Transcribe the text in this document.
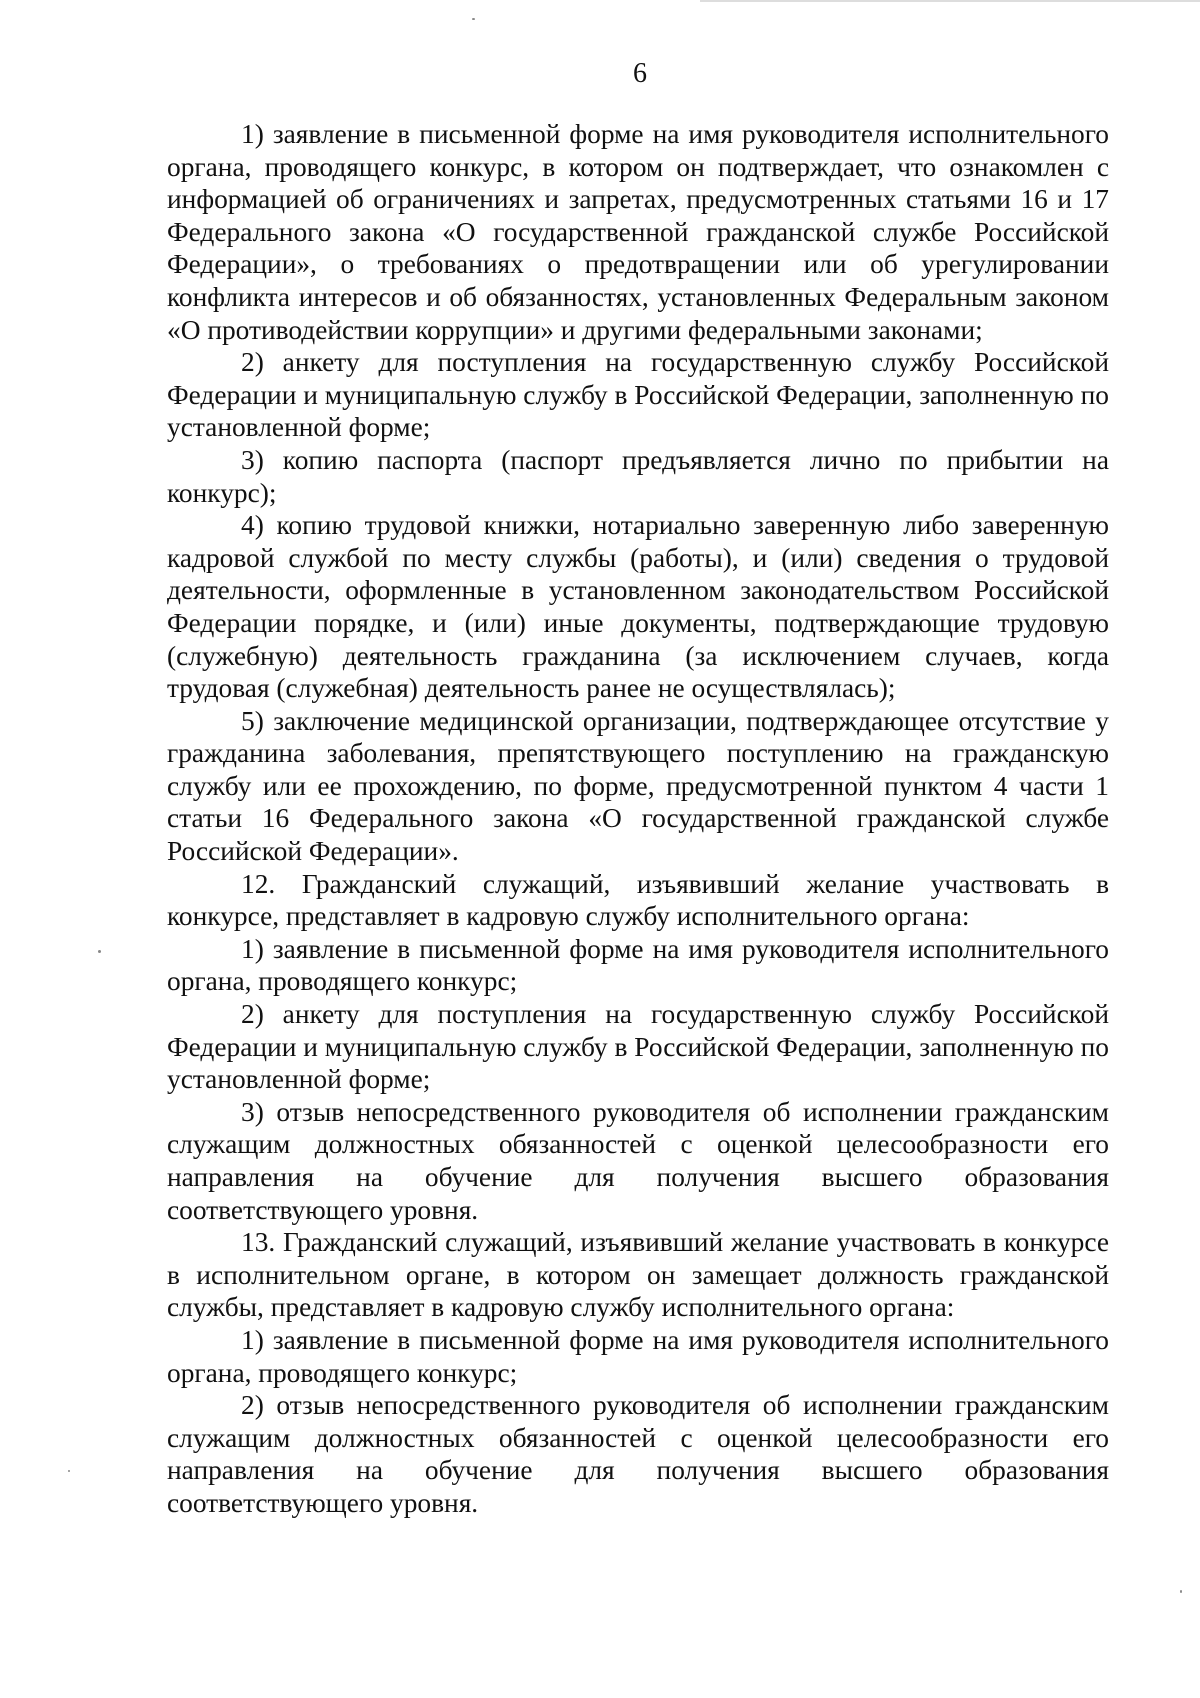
6

1) заявление в письменной форме на имя руководителя исполнительного органа, проводящего конкурс, в котором он подтверждает, что ознакомлен с информацией об ограничениях и запретах, предусмотренных статьями 16 и 17 Федерального закона «О государственной гражданской службе Российской Федерации», о требованиях о предотвращении или об урегулировании конфликта интересов и об обязанностях, установленных Федеральным законом «О противодействии коррупции» и другими федеральными законами;

2) анкету для поступления на государственную службу Российской Федерации и муниципальную службу в Российской Федерации, заполненную по установленной форме;

3) копию паспорта (паспорт предъявляется лично по прибытии на конкурс);

4) копию трудовой книжки, нотариально заверенную либо заверенную кадровой службой по месту службы (работы), и (или) сведения о трудовой деятельности, оформленные в установленном законодательством Российской Федерации порядке, и (или) иные документы, подтверждающие трудовую (служебную) деятельность гражданина (за исключением случаев, когда трудовая (служебная) деятельность ранее не осуществлялась);

5) заключение медицинской организации, подтверждающее отсутствие у гражданина заболевания, препятствующего поступлению на гражданскую службу или ее прохождению, по форме, предусмотренной пунктом 4 части 1 статьи 16 Федерального закона «О государственной гражданской службе Российской Федерации».

12. Гражданский служащий, изъявивший желание участвовать в конкурсе, представляет в кадровую службу исполнительного органа:

1) заявление в письменной форме на имя руководителя исполнительного органа, проводящего конкурс;

2) анкету для поступления на государственную службу Российской Федерации и муниципальную службу в Российской Федерации, заполненную по установленной форме;

3) отзыв непосредственного руководителя об исполнении гражданским служащим должностных обязанностей с оценкой целесообразности его направления на обучение для получения высшего образования соответствующего уровня.

13. Гражданский служащий, изъявивший желание участвовать в конкурсе в исполнительном органе, в котором он замещает должность гражданской службы, представляет в кадровую службу исполнительного органа:

1) заявление в письменной форме на имя руководителя исполнительного органа, проводящего конкурс;

2) отзыв непосредственного руководителя об исполнении гражданским служащим должностных обязанностей с оценкой целесообразности его направления на обучение для получения высшего образования соответствующего уровня.
